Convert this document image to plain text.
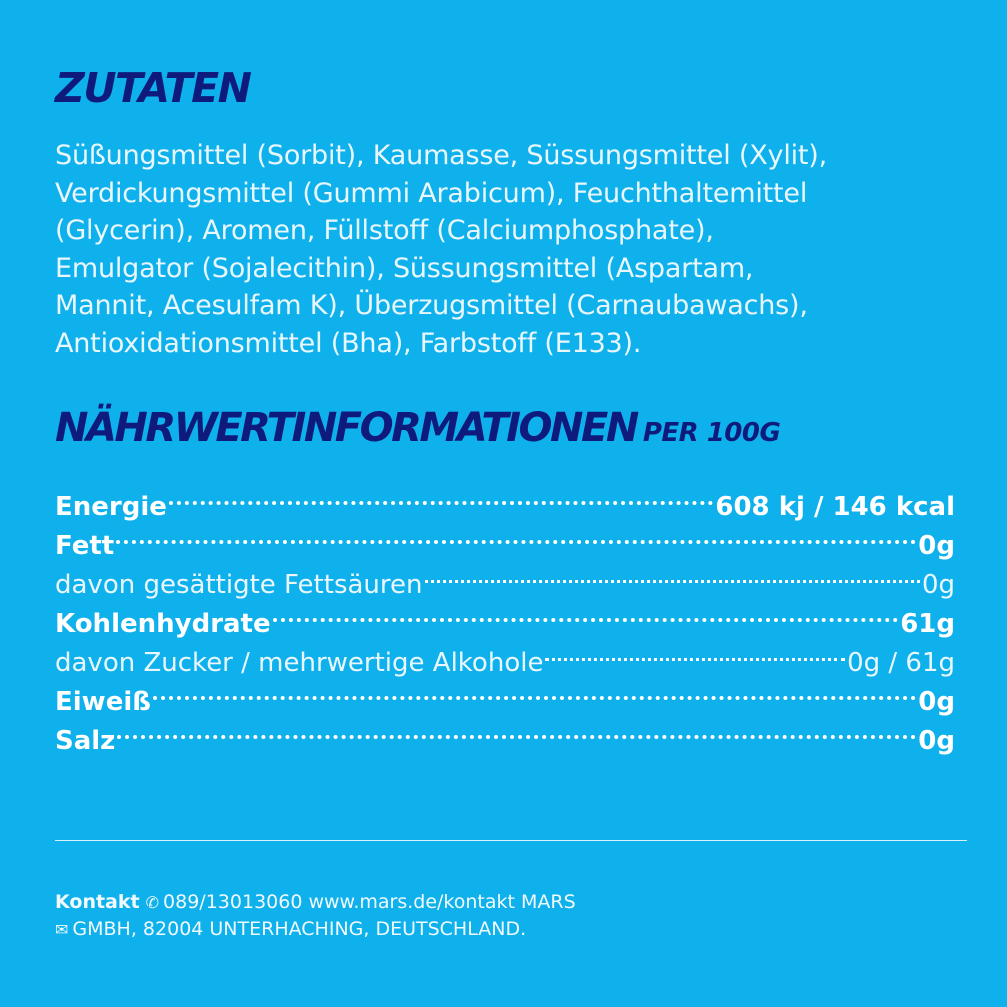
ZUTATEN
Süßungsmittel (Sorbit), Kaumasse, Süssungsmittel (Xylit),
Verdickungsmittel (Gummi Arabicum), Feuchthaltemittel
(Glycerin), Aromen, Füllstoff (Calciumphosphate),
Emulgator (Sojalecithin), Süssungsmittel (Aspartam,
Mannit, Acesulfam K), Überzugsmittel (Carnaubawachs),
Antioxidationsmittel (Bha), Farbstoff (E133).
NÄHRWERTINFORMATIONEN PER 100G
Energie	608 kj / 146 kcal
Fett	0g
davon gesättigte Fettsäuren	0g
Kohlenhydrate	61g
davon Zucker / mehrwertige Alkohole	0g / 61g
Eiweiß	0g
Salz	0g
Kontakt ✆ 089/13013060 www.mars.de/kontakt MARS
✉ GMBH, 82004 UNTERHACHING, DEUTSCHLAND.
